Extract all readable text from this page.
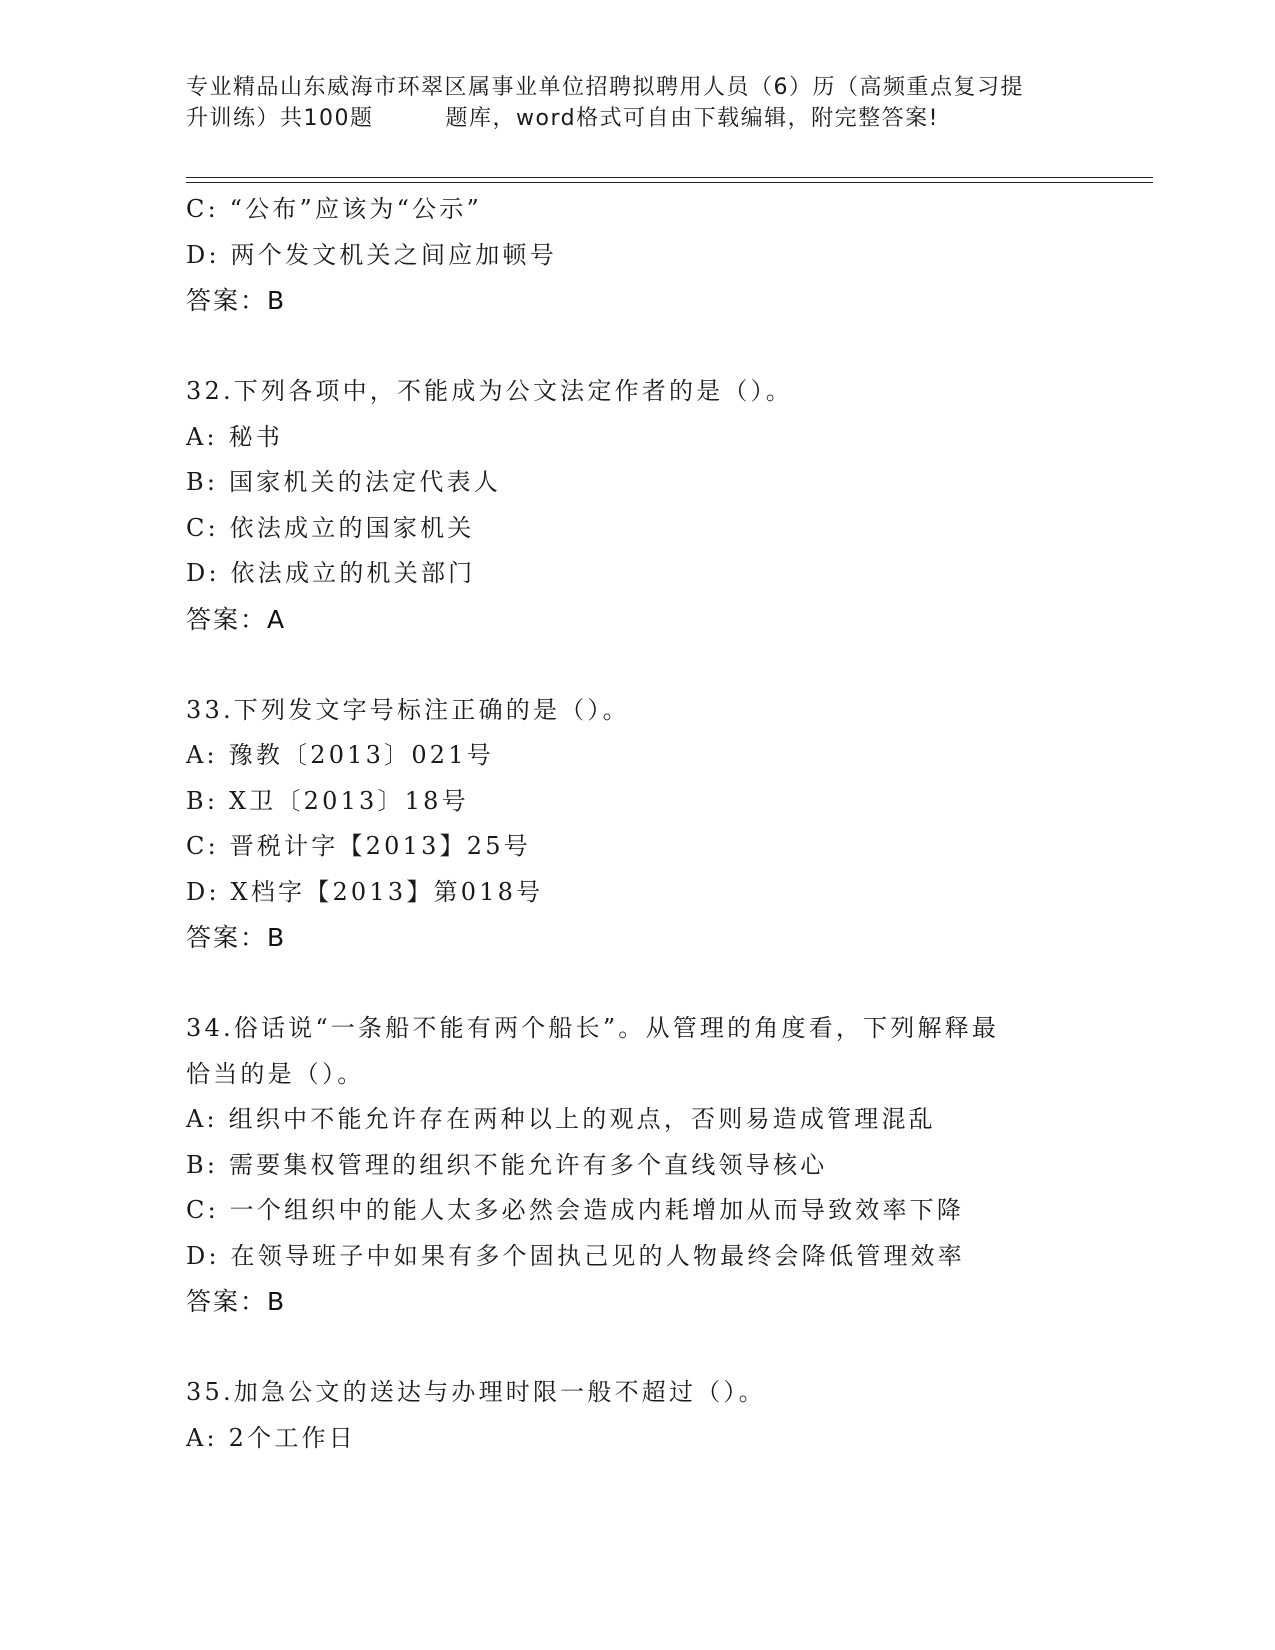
专业精品山东威海市环翠区属事业单位招聘拟聘用人员（6）历（高频重点复习提
升训练）共100题	题库，word格式可自由下载编辑，附完整答案!
C: “公布”应该为“公示”
D: 两个发文机关之间应加顿号
答案：B
32.下列各项中，不能成为公文法定作者的是（）。
A: 秘书
B: 国家机关的法定代表人
C: 依法成立的国家机关
D: 依法成立的机关部门
答案：A
33.下列发文字号标注正确的是（）。
A: 豫教〔2013〕021号
B: X卫〔2013〕18号
C: 晋税计字【2013】25号
D: X档字【2013】第018号
答案：B
34.俗话说“一条船不能有两个船长”。从管理的角度看，下列解释最
恰当的是（）。
A: 组织中不能允许存在两种以上的观点，否则易造成管理混乱
B: 需要集权管理的组织不能允许有多个直线领导核心
C: 一个组织中的能人太多必然会造成内耗增加从而导致效率下降
D: 在领导班子中如果有多个固执己见的人物最终会降低管理效率
答案：B
35.加急公文的送达与办理时限一般不超过（）。
A: 2个工作日
